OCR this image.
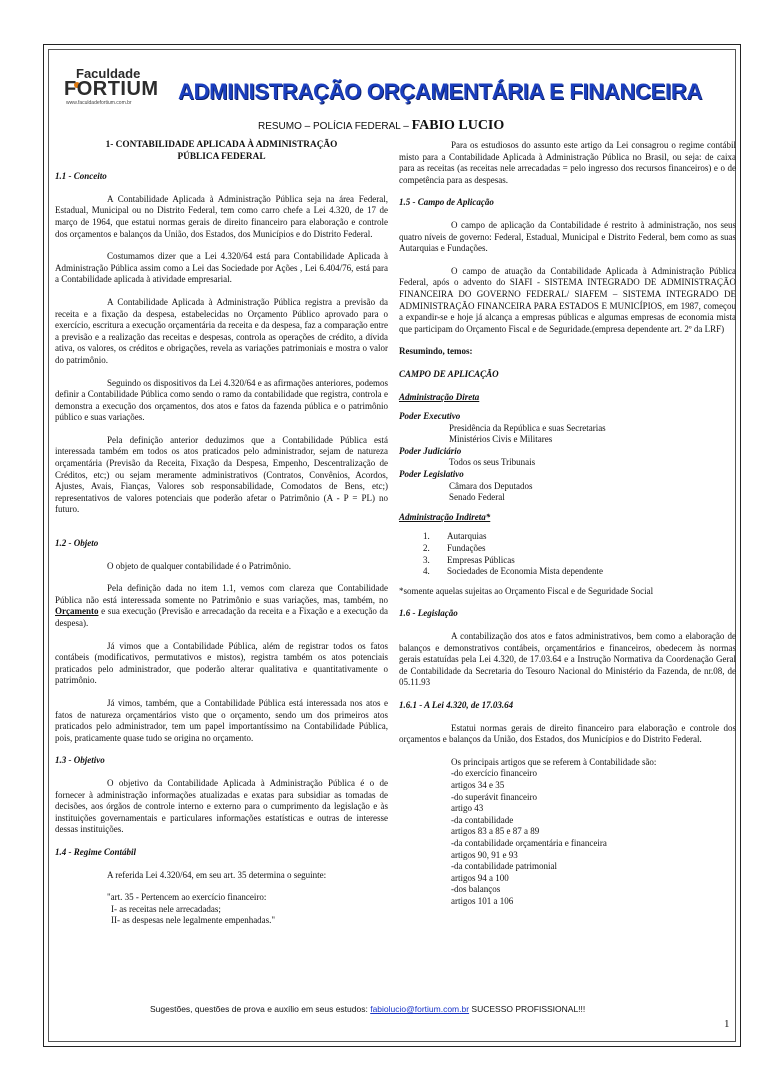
Faculdade
FORTIUM
www.faculdadefortium.com.br ADMINISTRAÇÃO ORÇAMENTÁRIA E FINANCEIRA
RESUMO – POLÍCIA FEDERAL – FABIO LUCIO

1- CONTABILIDADE APLICADA À ADMINISTRAÇÃO PÚBLICA FEDERAL

1.1 - Conceito

A Contabilidade Aplicada à Administração Pública seja na área Federal, Estadual, Municipal ou no Distrito Federal, tem como carro chefe a Lei 4.320, de 17 de março de 1964, que estatui normas gerais de direito financeiro para elaboração e controle dos orçamentos e balanços da União, dos Estados, dos Municípios e do Distrito Federal.

Costumamos dizer que a Lei 4.320/64 está para Contabilidade Aplicada à Administração Pública assim como a Lei das Sociedade por Ações , Lei 6.404/76, está para a Contabilidade aplicada à atividade empresarial.

A Contabilidade Aplicada à Administração Pública registra a previsão da receita e a fixação da despesa, estabelecidas no Orçamento Público aprovado para o exercício, escritura a execução orçamentária da receita e da despesa, faz a comparação entre a previsão e a realização das receitas e despesas, controla as operações de crédito, a dívida ativa, os valores, os créditos e obrigações, revela as variações patrimoniais e mostra o valor do patrimônio.

Seguindo os dispositivos da Lei 4.320/64 e as afirmações anteriores, podemos definir a Contabilidade Pública como sendo o ramo da contabilidade que registra, controla e demonstra a execução dos orçamentos, dos atos e fatos da fazenda pública e o patrimônio público e suas variações.

Pela definição anterior deduzimos que a Contabilidade Pública está interessada também em todos os atos praticados pelo administrador, sejam de natureza orçamentária (Previsão da Receita, Fixação da Despesa, Empenho, Descentralização de Créditos, etc;) ou sejam meramente administrativos (Contratos, Convênios, Acordos, Ajustes, Avais, Fianças, Valores sob responsabilidade, Comodatos de Bens, etc;) representativos de valores potenciais que poderão afetar o Patrimônio (A - P = PL) no futuro.

1.2 - Objeto

O objeto de qualquer contabilidade é o Patrimônio.

Pela definição dada no item 1.1, vemos com clareza que Contabilidade Pública não está interessada somente no Patrimônio e suas variações, mas, também, no Orçamento e sua execução (Previsão e arrecadação da receita e a Fixação e a execução da despesa).

Já vimos que a Contabilidade Pública, além de registrar todos os fatos contábeis (modificativos, permutativos e mistos), registra também os atos potenciais praticados pelo administrador, que poderão alterar qualitativa e quantitativamente o patrimônio.

Já vimos, também, que a Contabilidade Pública está interessada nos atos e fatos de natureza orçamentários visto que o orçamento, sendo um dos primeiros atos praticados pelo administrador, tem um papel importantíssimo na Contabilidade Pública, pois, praticamente quase tudo se origina no orçamento.

1.3 - Objetivo

O objetivo da Contabilidade Aplicada à Administração Pública é o de fornecer à administração informações atualizadas e exatas para subsidiar as tomadas de decisões, aos órgãos de controle interno e externo para o cumprimento da legislação e às instituições governamentais e particulares informações estatísticas e outras de interesse dessas instituições.

1.4 - Regime Contábil

A referida Lei 4.320/64, em seu art. 35 determina o seguinte:

"art. 35 - Pertencem ao exercício financeiro:

I- as receitas nele arrecadadas;

II- as despesas nele legalmente empenhadas."

Para os estudiosos do assunto este artigo da Lei consagrou o regime contábil misto para a Contabilidade Aplicada à Administração Pública no Brasil, ou seja: de caixa para as receitas (as receitas nele arrecadadas = pelo ingresso dos recursos financeiros) e o de competência para as despesas.

1.5 - Campo de Aplicação

O campo de aplicação da Contabilidade é restrito à administração, nos seus quatro níveis de governo: Federal, Estadual, Municipal e Distrito Federal, bem como as suas Autarquias e Fundações.

O campo de atuação da Contabilidade Aplicada à Administração Pública Federal, após o advento do SIAFI - SISTEMA INTEGRADO DE ADMINISTRAÇÃO FINANCEIRA DO GOVERNO FEDERAL/ SIAFEM – SISTEMA INTEGRADO DE ADMINISTRAÇÃO FINANCEIRA PARA ESTADOS E MUNICÍPIOS, em 1987, começou a expandir-se e hoje já alcança a empresas públicas e algumas empresas de economia mista que participam do Orçamento Fiscal e de Seguridade.(empresa dependente art. 2º da LRF)

Resumindo, temos:

CAMPO DE APLICAÇÃO

Administração Direta

Poder Executivo

Presidência da República e suas Secretarias

Ministérios Civis e Militares

Poder Judiciário

Todos os seus Tribunais

Poder Legislativo

Câmara dos Deputados

Senado Federal

Administração Indireta*

1.	Autarquias
2.	Fundações
3.	Empresas Públicas
4.	Sociedades de Economia Mista dependente

*somente aquelas sujeitas ao Orçamento Fiscal e de Seguridade Social

1.6 - Legislação

A contabilização dos atos e fatos administrativos, bem como a elaboração de balanços e demonstrativos contábeis, orçamentários e financeiros, obedecem às normas gerais estatuídas pela Lei 4.320, de 17.03.64 e a Instrução Normativa da Coordenação Geral de Contabilidade da Secretaria do Tesouro Nacional do Ministério da Fazenda, de nr.08, de 05.11.93

1.6.1 - A Lei 4.320, de 17.03.64

Estatui normas gerais de direito financeiro para elaboração e controle dos orçamentos e balanços da União, dos Estados, dos Municípios e do Distrito Federal.

Os principais artigos que se referem à Contabilidade são:

-do exercício financeiro

artigos 34 e 35

-do superávit financeiro

artigo 43

-da contabilidade

artigos 83 a 85 e 87 a 89

-da contabilidade orçamentária e financeira

artigos 90, 91 e 93

-da contabilidade patrimonial

artigos 94 a 100

-dos balanços

artigos 101 a 106

Sugestões, questões de prova e auxílio em seus estudos: fabiolucio@fortium.com.br SUCESSO PROFISSIONAL!!!
1
